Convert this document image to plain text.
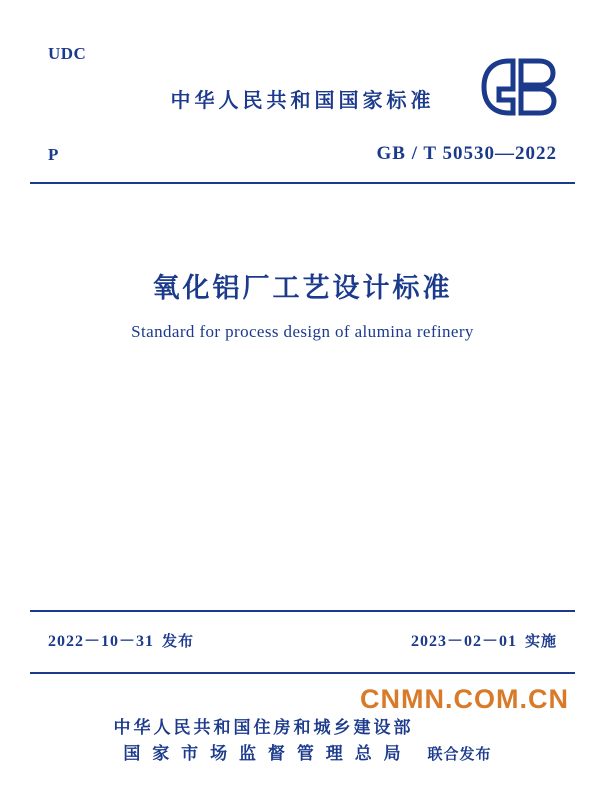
UDC
中华人民共和国国家标准
P	GB / T 50530—2022
氧化铝厂工艺设计标准
Standard for process design of alumina refinery
2022－10－31 发布	2023－02－01 实施
CNMN.COM.CN
中华人民共和国住房和城乡建设部
国 家 市 场 监 督 管 理 总 局	联合发布
